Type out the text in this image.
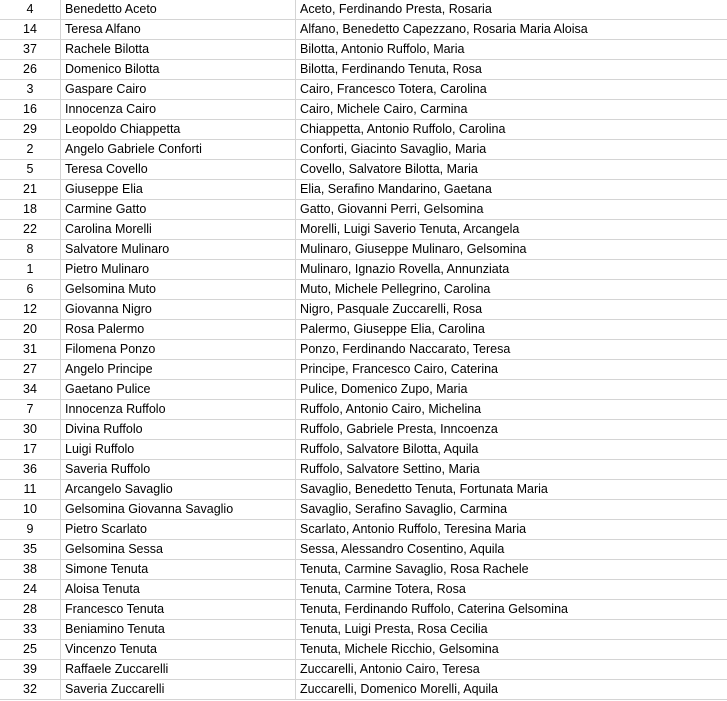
4	Benedetto Aceto	Aceto, Ferdinando Presta, Rosaria
14	Teresa Alfano	Alfano, Benedetto Capezzano, Rosaria Maria Aloisa
37	Rachele Bilotta	Bilotta, Antonio Ruffolo, Maria
26	Domenico Bilotta	Bilotta, Ferdinando Tenuta, Rosa
3	Gaspare Cairo	Cairo, Francesco Totera, Carolina
16	Innocenza Cairo	Cairo, Michele Cairo, Carmina
29	Leopoldo Chiappetta	Chiappetta, Antonio Ruffolo, Carolina
2	Angelo Gabriele Conforti	Conforti, Giacinto Savaglio, Maria
5	Teresa Covello	Covello, Salvatore Bilotta, Maria
21	Giuseppe Elia	Elia, Serafino Mandarino, Gaetana
18	Carmine Gatto	Gatto, Giovanni Perri, Gelsomina
22	Carolina Morelli	Morelli, Luigi Saverio Tenuta, Arcangela
8	Salvatore Mulinaro	Mulinaro, Giuseppe Mulinaro, Gelsomina
1	Pietro Mulinaro	Mulinaro, Ignazio Rovella, Annunziata
6	Gelsomina Muto	Muto, Michele Pellegrino, Carolina
12	Giovanna Nigro	Nigro, Pasquale Zuccarelli, Rosa
20	Rosa Palermo	Palermo, Giuseppe Elia, Carolina
31	Filomena Ponzo	Ponzo, Ferdinando Naccarato, Teresa
27	Angelo Principe	Principe, Francesco Cairo, Caterina
34	Gaetano Pulice	Pulice, Domenico Zupo, Maria
7	Innocenza Ruffolo	Ruffolo, Antonio Cairo, Michelina
30	Divina Ruffolo	Ruffolo, Gabriele Presta, Inncoenza
17	Luigi Ruffolo	Ruffolo, Salvatore Bilotta, Aquila
36	Saveria Ruffolo	Ruffolo, Salvatore Settino, Maria
11	Arcangelo Savaglio	Savaglio, Benedetto Tenuta, Fortunata Maria
10	Gelsomina Giovanna Savaglio	Savaglio, Serafino Savaglio, Carmina
9	Pietro Scarlato	Scarlato, Antonio Ruffolo, Teresina Maria
35	Gelsomina Sessa	Sessa, Alessandro Cosentino, Aquila
38	Simone Tenuta	Tenuta, Carmine Savaglio, Rosa Rachele
24	Aloisa Tenuta	Tenuta, Carmine Totera, Rosa
28	Francesco Tenuta	Tenuta, Ferdinando Ruffolo, Caterina Gelsomina
33	Beniamino Tenuta	Tenuta, Luigi Presta, Rosa Cecilia
25	Vincenzo Tenuta	Tenuta, Michele Ricchio, Gelsomina
39	Raffaele Zuccarelli	Zuccarelli, Antonio Cairo, Teresa
32	Saveria Zuccarelli	Zuccarelli, Domenico Morelli, Aquila
